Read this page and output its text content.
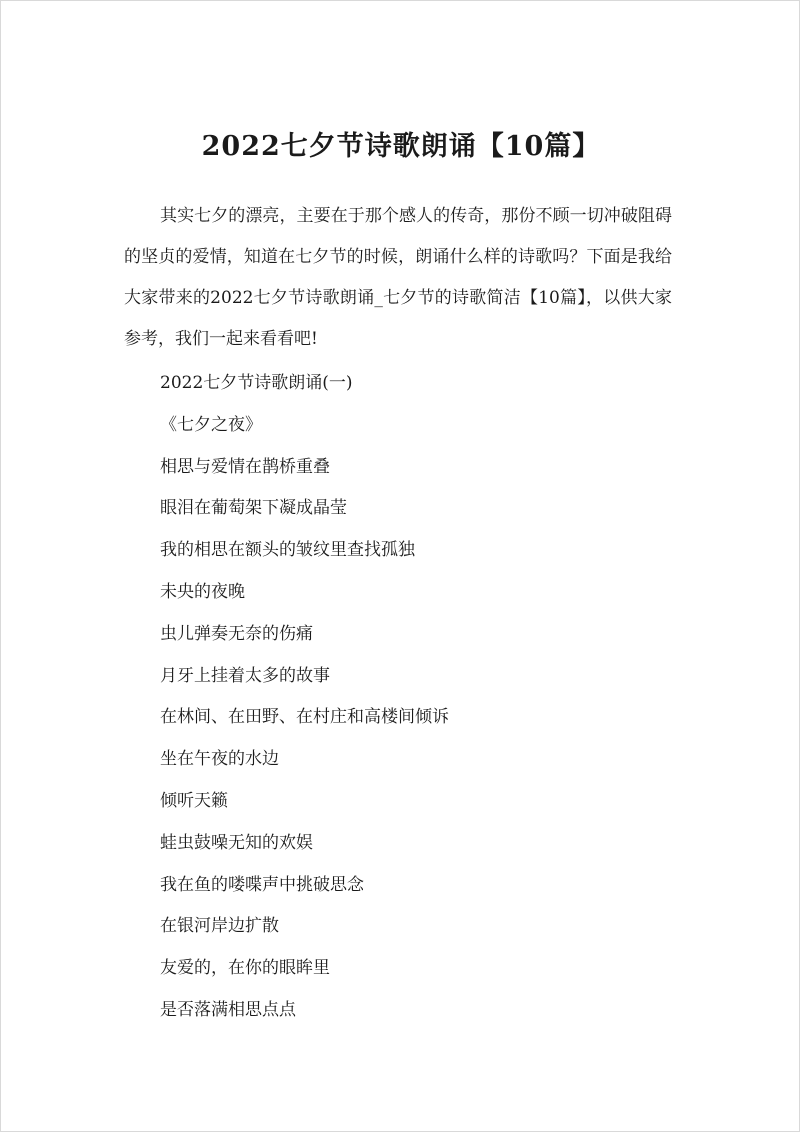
2022七夕节诗歌朗诵【10篇】

其实七夕的漂亮，主要在于那个感人的传奇，那份不顾一切冲破阻碍的坚贞的爱情，知道在七夕节的时候，朗诵什么样的诗歌吗？下面是我给大家带来的2022七夕节诗歌朗诵_七夕节的诗歌简洁【10篇】，以供大家参考，我们一起来看看吧!

2022七夕节诗歌朗诵(一)
《七夕之夜》
相思与爱情在鹊桥重叠
眼泪在葡萄架下凝成晶莹
我的相思在额头的皱纹里查找孤独
未央的夜晚
虫儿弹奏无奈的伤痛
月牙上挂着太多的故事
在林间、在田野、在村庄和高楼间倾诉
坐在午夜的水边
倾听天籁
蛙虫鼓噪无知的欢娱
我在鱼的喽喋声中挑破思念
在银河岸边扩散
友爱的，在你的眼眸里
是否落满相思点点
